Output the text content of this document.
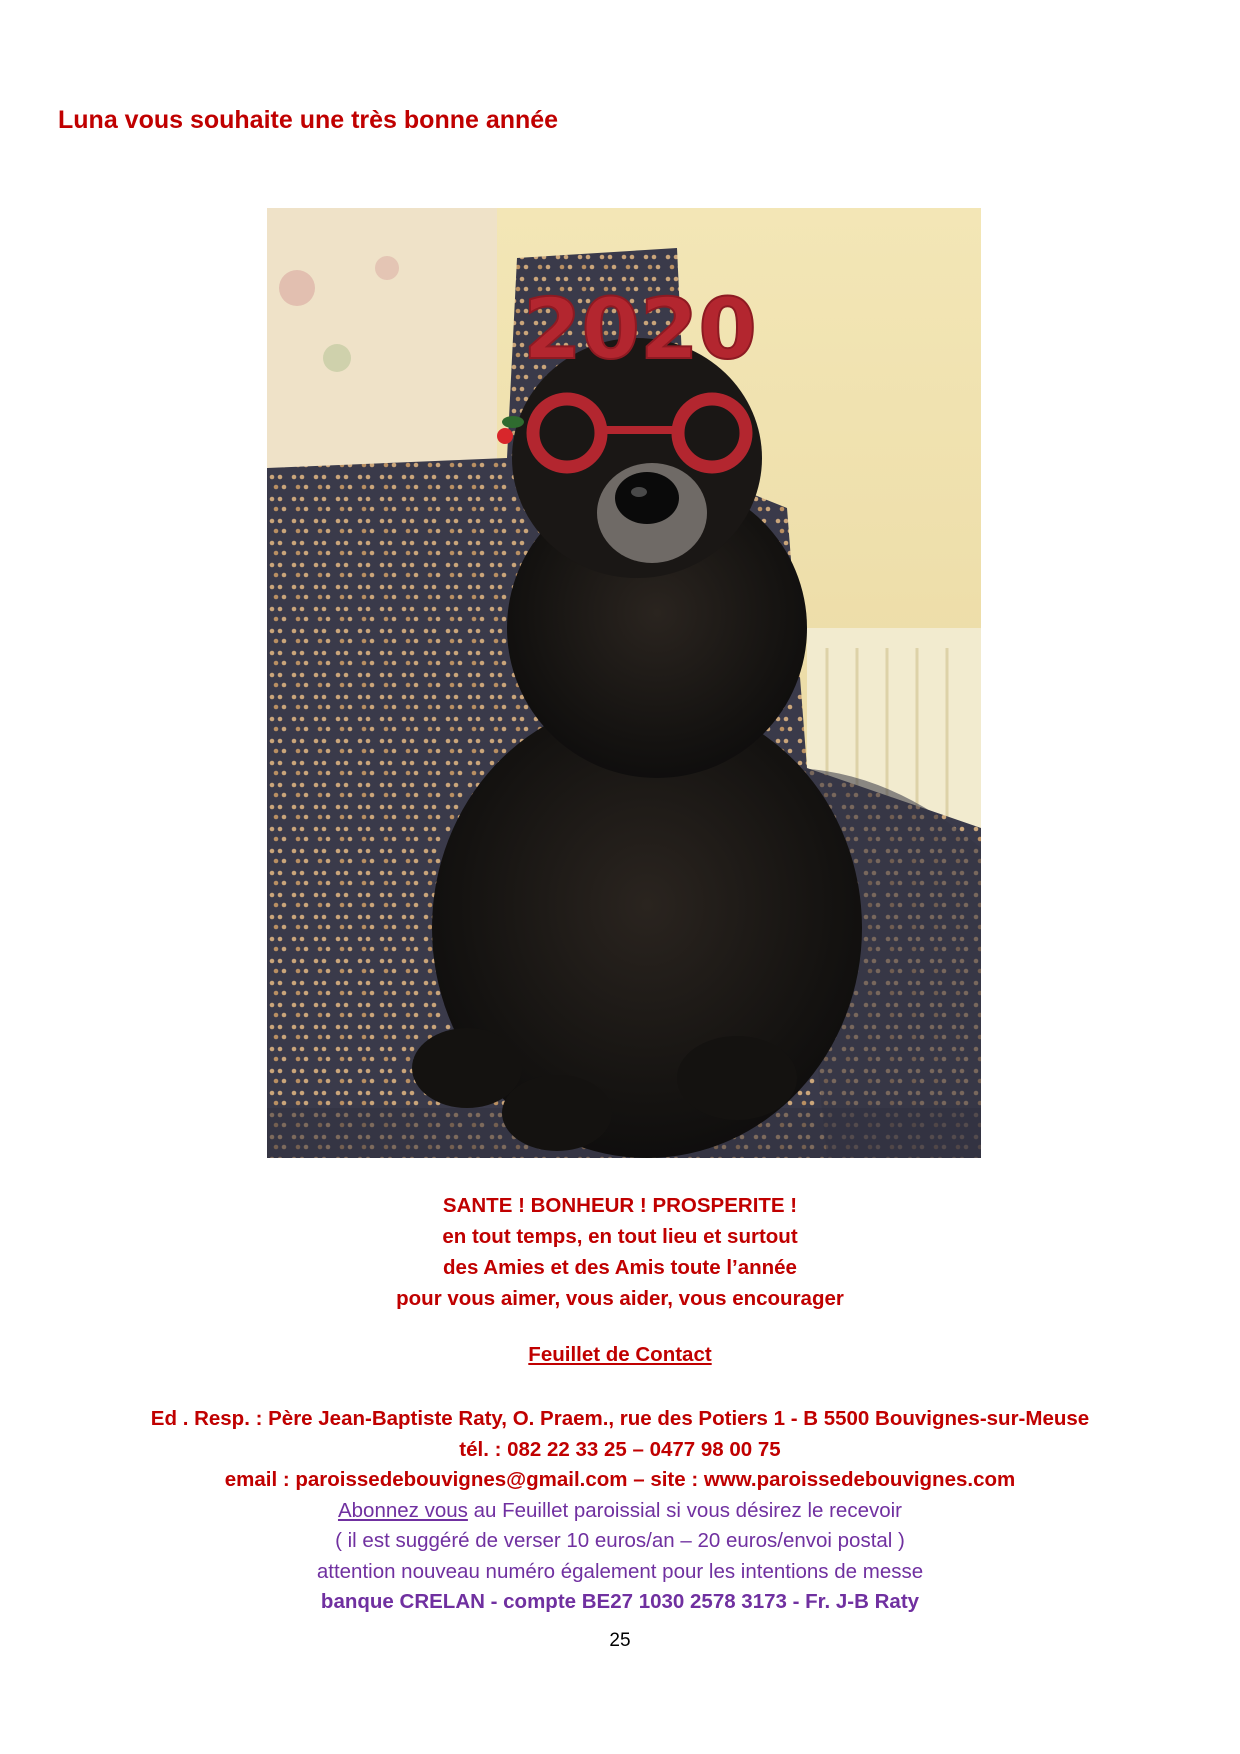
Luna vous souhaite une très bonne année
2020
SANTE ! BONHEUR ! PROSPERITE !
en tout temps, en tout lieu et surtout
des Amies et des Amis toute l’année
pour vous aimer, vous aider, vous encourager
Feuillet de Contact
Ed . Resp. : Père Jean-Baptiste Raty, O. Praem., rue des Potiers 1 - B 5500 Bouvignes-sur-Meuse
tél. : 082 22 33 25 – 0477 98 00 75
email : paroissedebouvignes@gmail.com – site : www.paroissedebouvignes.com
Abonnez vous au Feuillet paroissial si vous désirez le recevoir
( il est suggéré de verser 10 euros/an – 20 euros/envoi postal )
attention nouveau numéro également pour les intentions de messe
banque CRELAN - compte BE27 1030 2578 3173 - Fr. J-B Raty
25
